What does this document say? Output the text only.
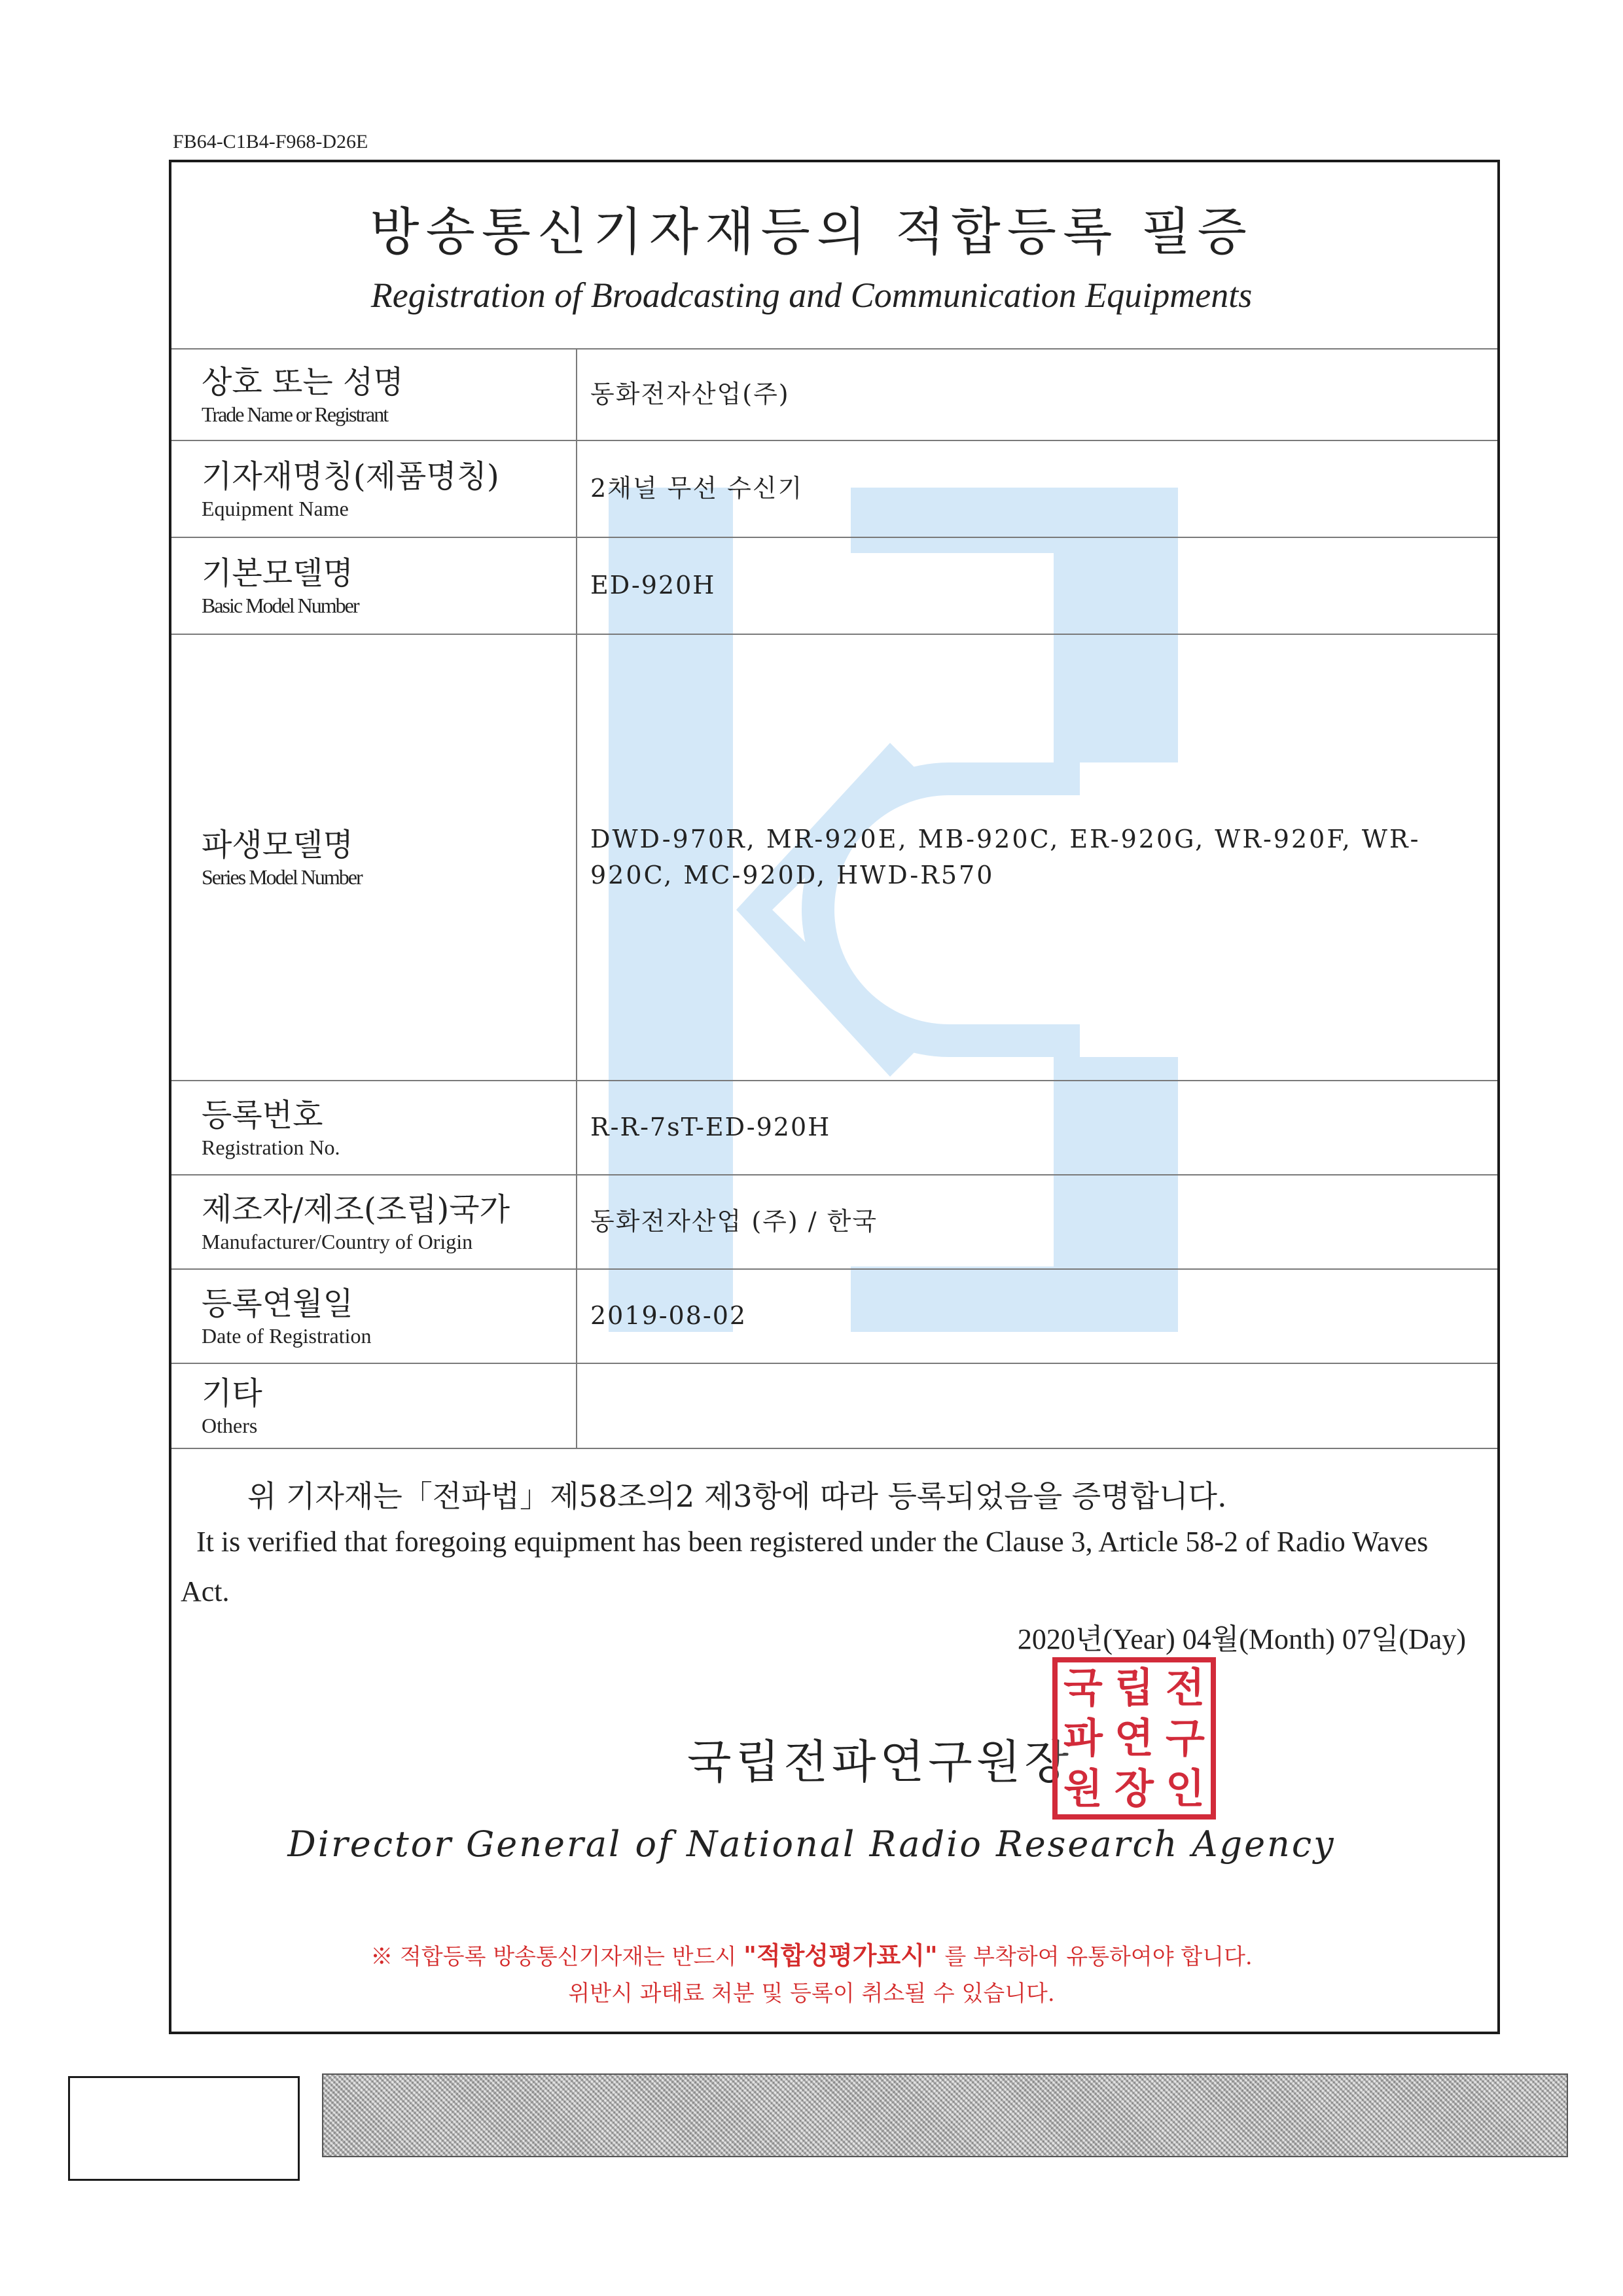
FB64-C1B4-F968-D26E
방송통신기자재등의 적합등록 필증
Registration of Broadcasting and Communication Equipments
상호 또는 성명
Trade Name or Registrant
동화전자산업(주)
기자재명칭(제품명칭)
Equipment Name
2채널 무선 수신기
기본모델명
Basic Model Number
ED-920H
파생모델명
Series Model Number
DWD-970R, MR-920E, MB-920C, ER-920G, WR-920F, WR-920C, MC-920D, HWD-R570
등록번호
Registration No.
R-R-7sT-ED-920H
제조자/제조(조립)국가
Manufacturer/Country of Origin
동화전자산업 (주) / 한국
등록연월일
Date of Registration
2019-08-02
기타
Others
위 기자재는「전파법」제58조의2 제3항에 따라 등록되었음을 증명합니다.
It is verified that foregoing equipment has been registered under the Clause 3, Article 58-2 of Radio Waves Act.
2020년(Year) 04월(Month) 07일(Day)
국립전파연구원장
국 립 전
파 연 구
원 장 인
Director General of National Radio Research Agency
※ 적합등록 방송통신기자재는 반드시 "적합성평가표시" 를 부착하여 유통하여야 합니다.
위반시 과태료 처분 및 등록이 취소될 수 있습니다.
